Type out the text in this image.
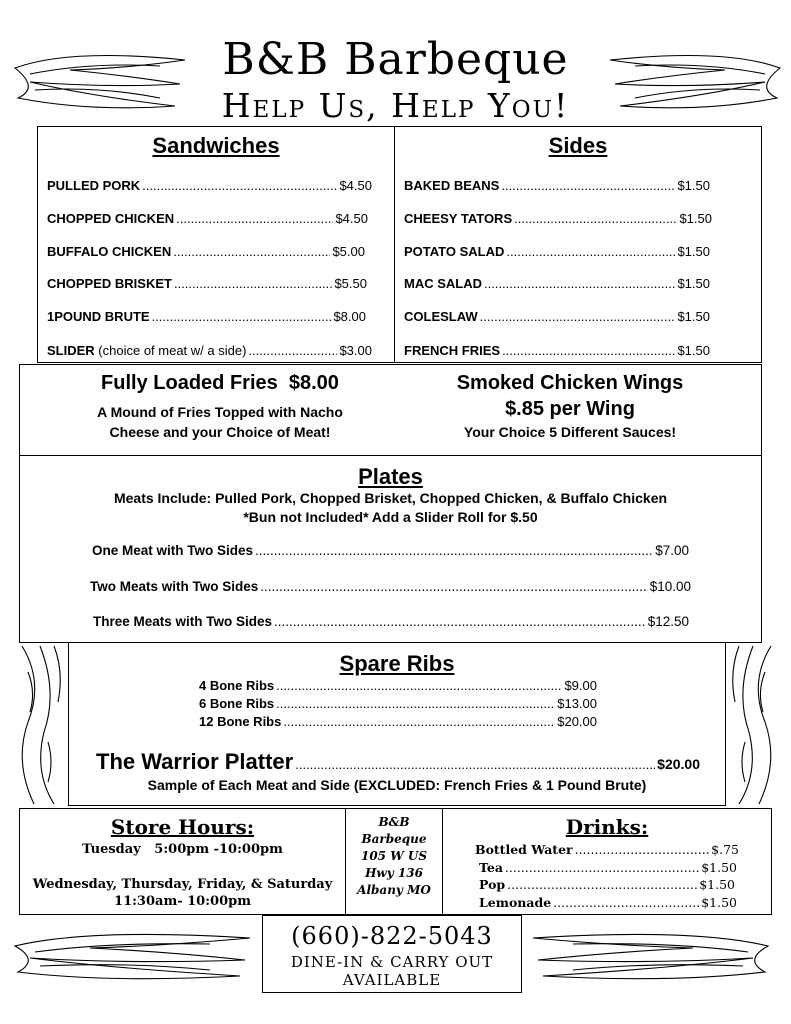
B&B Barbeque
Help Us, Help You!
Sandwiches
PULLED PORK .....	$4.50
CHOPPED CHICKEN .....	$4.50
BUFFALO CHICKEN .....	$5.00
CHOPPED BRISKET .....	$5.50
1POUND BRUTE .....	$8.00
SLIDER
(choice of meat w/ a side) .....	$3.00
Sides
BAKED BEANS .....	$1.50
CHEESY TATORS .....	$1.50
POTATO SALAD .....	$1.50
MAC SALAD .....	$1.50
COLESLAW .....	$1.50
FRENCH FRIES .....	$1.50
Fully Loaded Fries $8.00
A Mound of Fries Topped with Nacho
Cheese and your Choice of Meat!
Smoked Chicken Wings
$.85 per Wing
Your Choice 5 Different Sauces!
Plates
Meats Include: Pulled Pork, Chopped Brisket, Chopped Chicken, & Buffalo Chicken
*Bun not Included* Add a Slider Roll for $.50
One Meat with Two Sides .....	$7.00
Two Meats with Two Sides .....	$10.00
Three Meats with Two Sides .....	$12.50
Spare Ribs
4 Bone Ribs .....	$9.00
6 Bone Ribs .....	$13.00
12 Bone Ribs .....	$20.00
The Warrior Platter .....	$20.00
Sample of Each Meat and Side (EXCLUDED: French Fries & 1 Pound Brute)
Store Hours:
Tuesday   5:00pm -10:00pm
Wednesday, Thursday, Friday, & Saturday
11:30am- 10:00pm
B&B
Barbeque
105 W US
Hwy 136
Albany MO
Drinks:
Bottled Water .....	$.75
Tea .....	$1.50
Pop .....	$1.50
Lemonade .....	$1.50
(660)-822-5043
DINE-IN & CARRY OUT
AVAILABLE
